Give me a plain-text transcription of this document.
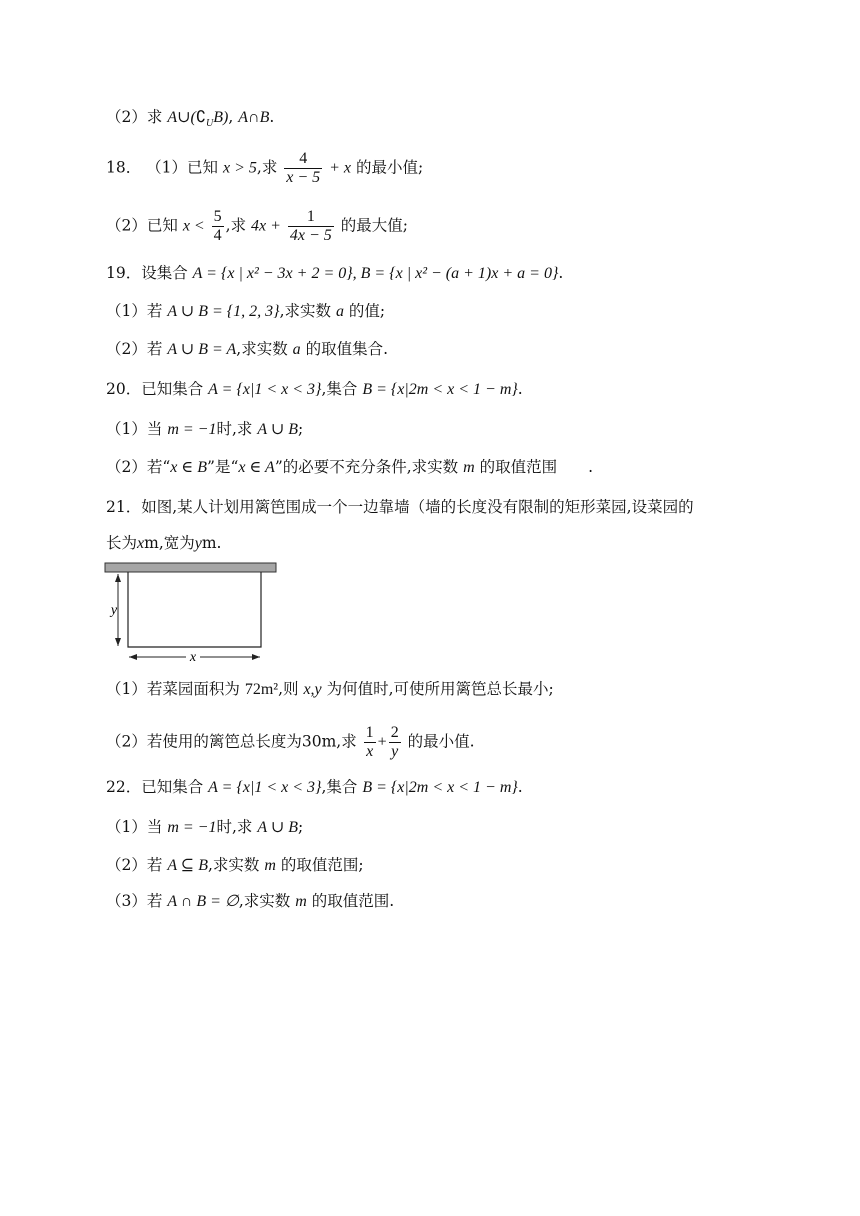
（2）求 $A\cup(∁_UB)$, A∩B.
18． （1）已知 x > 5,求 $\frac{4}{x - 5} + x$ 的最小值;
（2）已知 $x < \frac{5}{4}$ ,求 $4x + \frac{1}{4x - 5}$ 的最大值;
19．设集合 A = {x | x² − 3x + 2 = 0}, B = {x | x² − (a + 1)x + a = 0}.
（1）若 A ∪ B = {1, 2, 3},求实数 a 的值;
（2）若 A ∪ B = A,求实数 a 的取值集合.
20．已知集合 A = {x|1 < x < 3},集合 B = {x|2m < x < 1 − m}.
（1）当 m = −1时,求 A ∪ B;
（2）若“x ∈ B”是“x ∈ A”的必要不充分条件,求实数 m 的取值范围　　.
21．如图,某人计划用篱笆围成一个一边靠墙（墙的长度没有限制的矩形菜园,设菜园的
长为xm,宽为ym.
y
x
（1）若菜园面积为 72m²,则 x,y 为何值时,可使所用篱笆总长最小;
（2）若使用的篱笆总长度为30m,求 $\frac{1}{x} + \frac{2}{y}$ 的最小值.
22．已知集合 A = {x|1 < x < 3},集合 B = {x|2m < x < 1 − m}.
（1）当 m = −1时,求 A ∪ B;
（2）若 A ⊆ B,求实数 m 的取值范围;
（3）若 A ∩ B = ∅,求实数 m 的取值范围.
